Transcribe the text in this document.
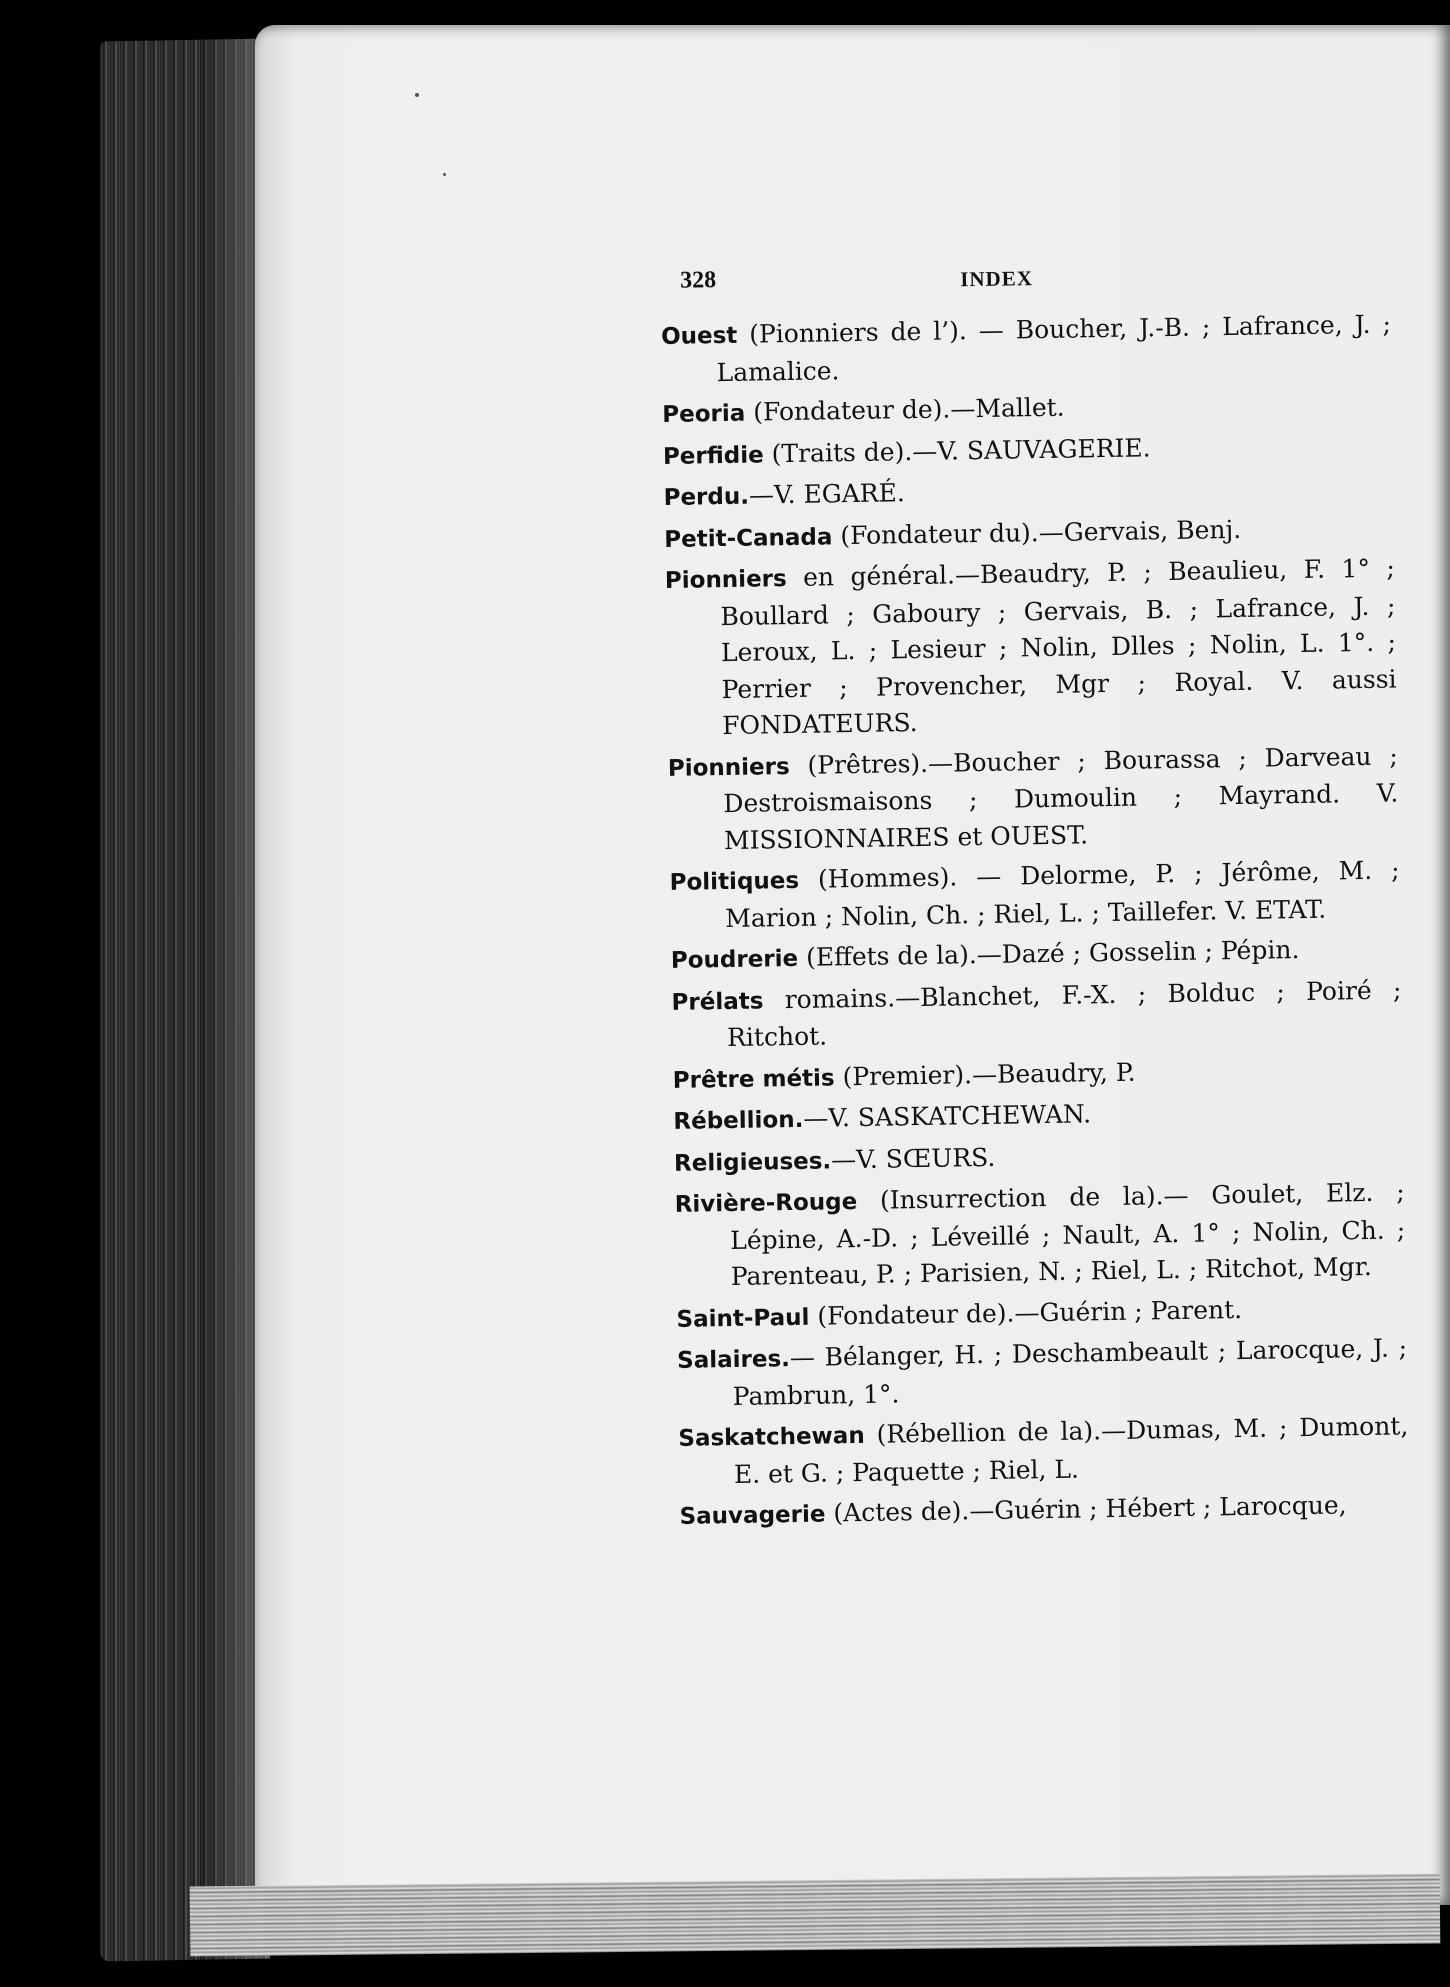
328	INDEX

Ouest (Pionniers de l’). — Boucher, J.-B. ; Lafrance, J. ; Lamalice.

Peoria (Fondateur de).—Mallet.

Perfidie (Traits de).—V. SAUVAGERIE.

Perdu.—V. EGARÉ.

Petit-Canada (Fondateur du).—Gervais, Benj.

Pionniers en général.—Beaudry, P. ; Beaulieu, F. 1° ; Boullard ; Gaboury ; Gervais, B. ; Lafrance, J. ; Leroux, L. ; Lesieur ; Nolin, Dlles ; Nolin, L. 1°. ; Perrier ; Provencher, Mgr ; Royal. V. aussi FONDATEURS.

Pionniers (Prêtres).—Boucher ; Bourassa ; Darveau ; Destroismaisons ; Dumoulin ; Mayrand. V. MISSIONNAIRES et OUEST.

Politiques (Hommes). — Delorme, P. ; Jérôme, M. ; Marion ; Nolin, Ch. ; Riel, L. ; Taillefer. V. ETAT.

Poudrerie (Effets de la).—Dazé ; Gosselin ; Pépin.

Prélats romains.—Blanchet, F.-X. ; Bolduc ; Poiré ; Ritchot.

Prêtre métis (Premier).—Beaudry, P.

Rébellion.—V. SASKATCHEWAN.

Religieuses.—V. SŒURS.

Rivière-Rouge (Insurrection de la).— Goulet, Elz. ; Lépine, A.-D. ; Léveillé ; Nault, A. 1° ; Nolin, Ch. ; Parenteau, P. ; Parisien, N. ; Riel, L. ; Ritchot, Mgr.

Saint-Paul (Fondateur de).—Guérin ; Parent.

Salaires.— Bélanger, H. ; Deschambeault ; Larocque, J. ; Pambrun, 1°.

Saskatchewan (Rébellion de la).—Dumas, M. ; Dumont, E. et G. ; Paquette ; Riel, L.

Sauvagerie (Actes de).—Guérin ; Hébert ; Larocque,
